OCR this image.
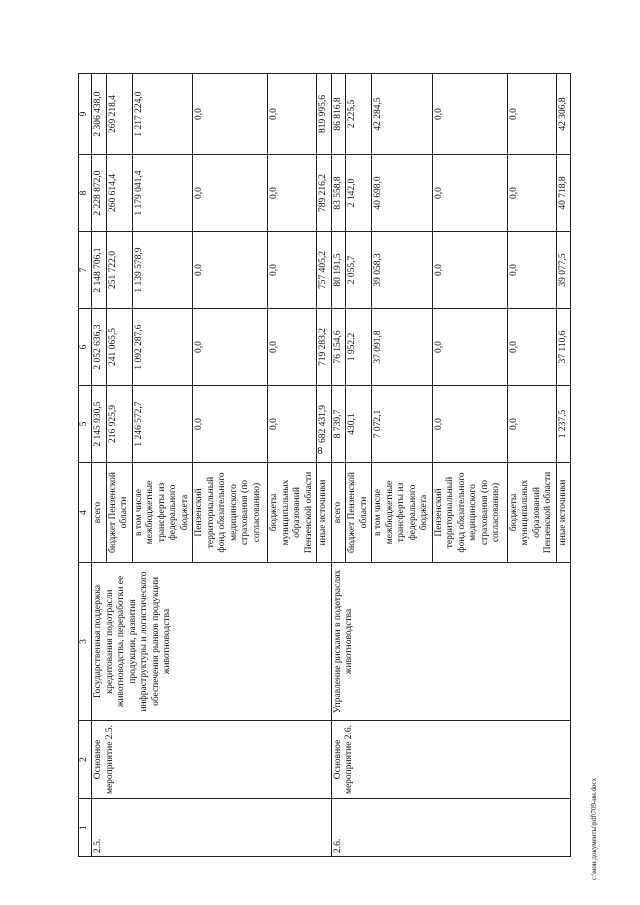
8
1	2	3	4	5	6	7	8	9
2.5.	Основное мероприятие 2.5.	Государственная поддержка кредитования подотрасли животноводства, переработки ее продукции, развития инфраструктуры и логистического обеспечения рынков продукции животноводства	всего	2 145 930,5	2 052 636,3	2 148 706,1	2 228 872,0	2 306 438,0
			бюджет Пензенской области	216 925,9	241 065,5	251 722,0	260 614,4	269 218,4
			в том числе межбюджетные трансферты из федерального бюджета	1 246 572,7	1 092 287,6	1 139 578,9	1 179 041,4	1 217 224,0
			Пензенский территориальный фонд обязательного медицинского страхования (по согласованию)	0,0	0,0	0,0	0,0	0,0
			бюджеты муниципальных образований Пензенской области	0,0	0,0	0,0	0,0	0,0
			иные источники	682 431,9	719 283,2	757 405,2	789 216,2	819 995,6
2.6.	Основное мероприятие 2.6.	Управление рисками в подотраслях животноводства	всего	8 739,7	76 154,6	80 191,5	83 558,8	86 816,8
			бюджет Пензенской области	430,1	1 952,2	2 055,7	2 142,0	2 225,5
			в том числе межбюджетные трансферты из федерального бюджета	7 072,1	37 091,8	39 058,3	40 698,0	42 284,5
			Пензенский территориальный фонд обязательного медицинского страхования (по согласованию)	0,0	0,0	0,0	0,0	0,0
			бюджеты муниципальных образований Пензенской области	0,0	0,0	0,0	0,0	0,0
			иные источники	1 237,5	37 110,6	39 077,5	40 718,8	42 306,8
c:\мои документы\pdf\709-ин.docx
